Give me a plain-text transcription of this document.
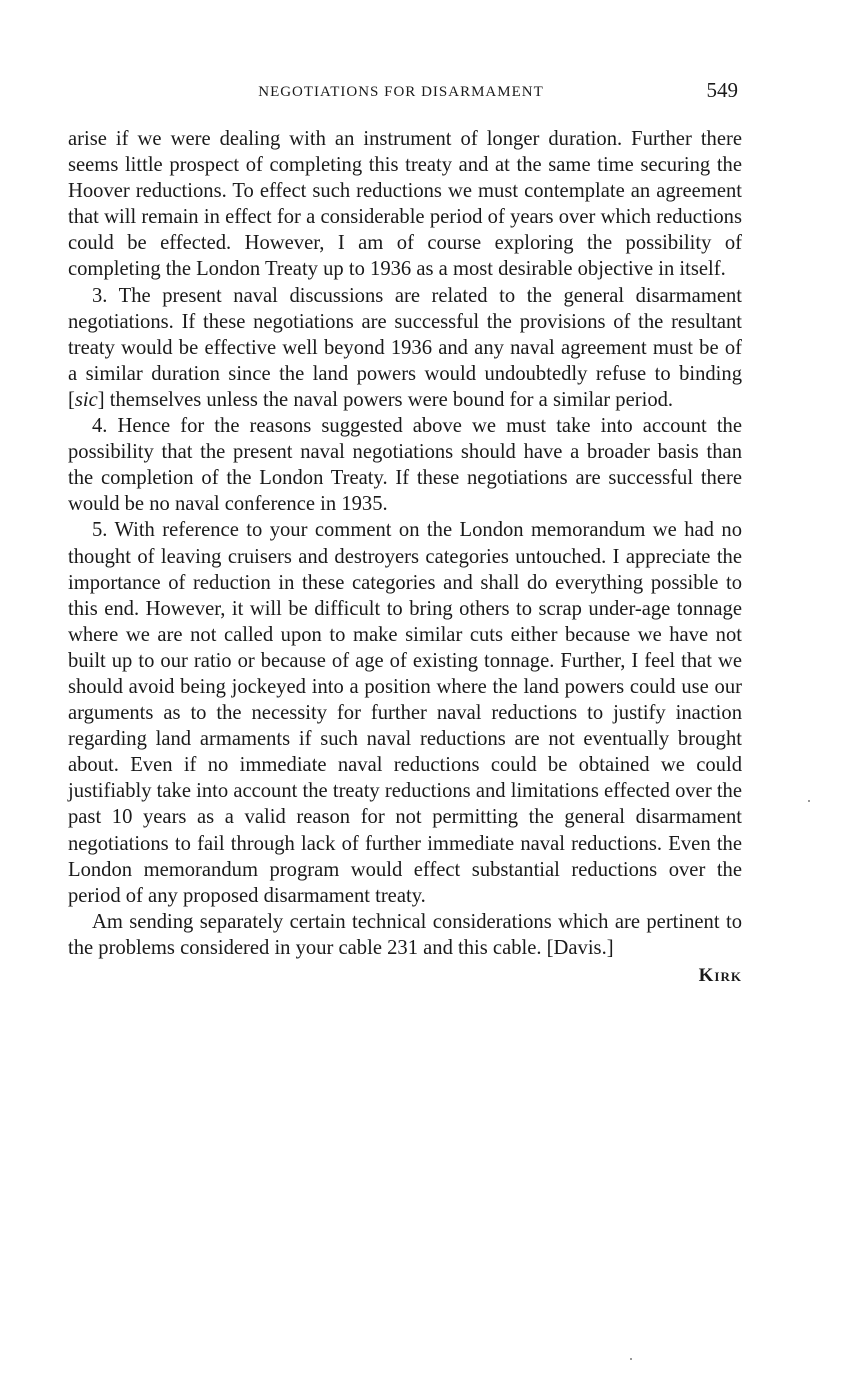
NEGOTIATIONS FOR DISARMAMENT	549

arise if we were dealing with an instrument of longer duration. Further there seems little prospect of completing this treaty and at the same time securing the Hoover reductions. To effect such reductions we must contemplate an agreement that will remain in effect for a considerable period of years over which reductions could be effected. However, I am of course exploring the possibility of completing the London Treaty up to 1936 as a most desirable objective in itself.

3. The present naval discussions are related to the general disarmament negotiations. If these negotiations are successful the provisions of the resultant treaty would be effective well beyond 1936 and any naval agreement must be of a similar duration since the land powers would undoubtedly refuse to binding [sic] themselves unless the naval powers were bound for a similar period.

4. Hence for the reasons suggested above we must take into account the possibility that the present naval negotiations should have a broader basis than the completion of the London Treaty. If these negotiations are successful there would be no naval conference in 1935.

5. With reference to your comment on the London memorandum we had no thought of leaving cruisers and destroyers categories untouched. I appreciate the importance of reduction in these categories and shall do everything possible to this end. However, it will be difficult to bring others to scrap under-age tonnage where we are not called upon to make similar cuts either because we have not built up to our ratio or because of age of existing tonnage. Further, I feel that we should avoid being jockeyed into a position where the land powers could use our arguments as to the necessity for further naval reductions to justify inaction regarding land armaments if such naval reductions are not eventually brought about. Even if no immediate naval reductions could be obtained we could justifiably take into account the treaty reductions and limitations effected over the past 10 years as a valid reason for not permitting the general disarmament negotiations to fail through lack of further immediate naval reductions. Even the London memorandum program would effect substantial reductions over the period of any proposed disarmament treaty.

Am sending separately certain technical considerations which are pertinent to the problems considered in your cable 231 and this cable. [Davis.]

Kirk
